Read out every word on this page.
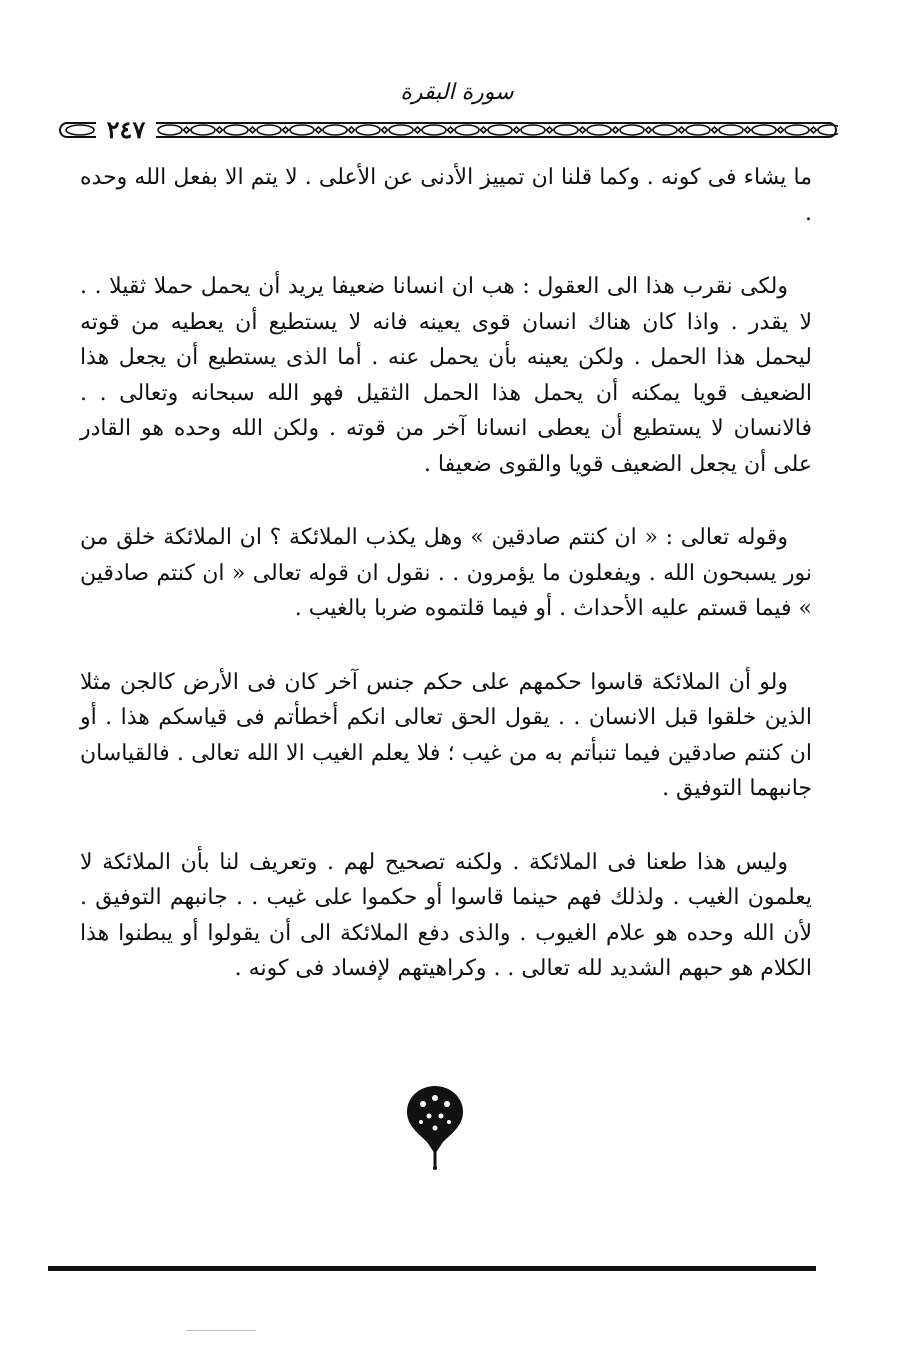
سورة البقرة
٢٤٧

ما يشاء فى كونه . وكما قلنا ان تمييز الأدنى عن الأعلى . لا يتم الا بفعل الله وحده .

ولكى نقرب هذا الى العقول : هب ان انسانا ضعيفا يريد أن يحمل حملا ثقيلا . . لا يقدر . واذا كان هناك انسان قوى يعينه فانه لا يستطيع أن يعطيه من قوته ليحمل هذا الحمل . ولكن يعينه بأن يحمل عنه . أما الذى يستطيع أن يجعل هذا الضعيف قويا يمكنه أن يحمل هذا الحمل الثقيل فهو الله سبحانه وتعالى . . فالانسان لا يستطيع أن يعطى انسانا آخر من قوته . ولكن الله وحده هو القادر على أن يجعل الضعيف قويا والقوى ضعيفا .

وقوله تعالى : « ان كنتم صادقين » وهل يكذب الملائكة ؟ ان الملائكة خلق من نور يسبحون الله . ويفعلون ما يؤمرون . . نقول ان قوله تعالى « ان كنتم صادقين » فيما قستم عليه الأحداث . أو فيما قلتموه ضربا بالغيب .

ولو أن الملائكة قاسوا حكمهم على حكم جنس آخر كان فى الأرض كالجن مثلا الذين خلقوا قبل الانسان . . يقول الحق تعالى انكم أخطأتم فى قياسكم هذا . أو ان كنتم صادقين فيما تنبأتم به من غيب ؛ فلا يعلم الغيب الا الله تعالى . فالقياسان جانبهما التوفيق .

وليس هذا طعنا فى الملائكة . ولكنه تصحيح لهم . وتعريف لنا بأن الملائكة لا يعلمون الغيب . ولذلك فهم حينما قاسوا أو حكموا على غيب . . جانبهم التوفيق . لأن الله وحده هو علام الغيوب . والذى دفع الملائكة الى أن يقولوا أو يبطنوا هذا الكلام هو حبهم الشديد لله تعالى . . وكراهيتهم لإفساد فى كونه .
